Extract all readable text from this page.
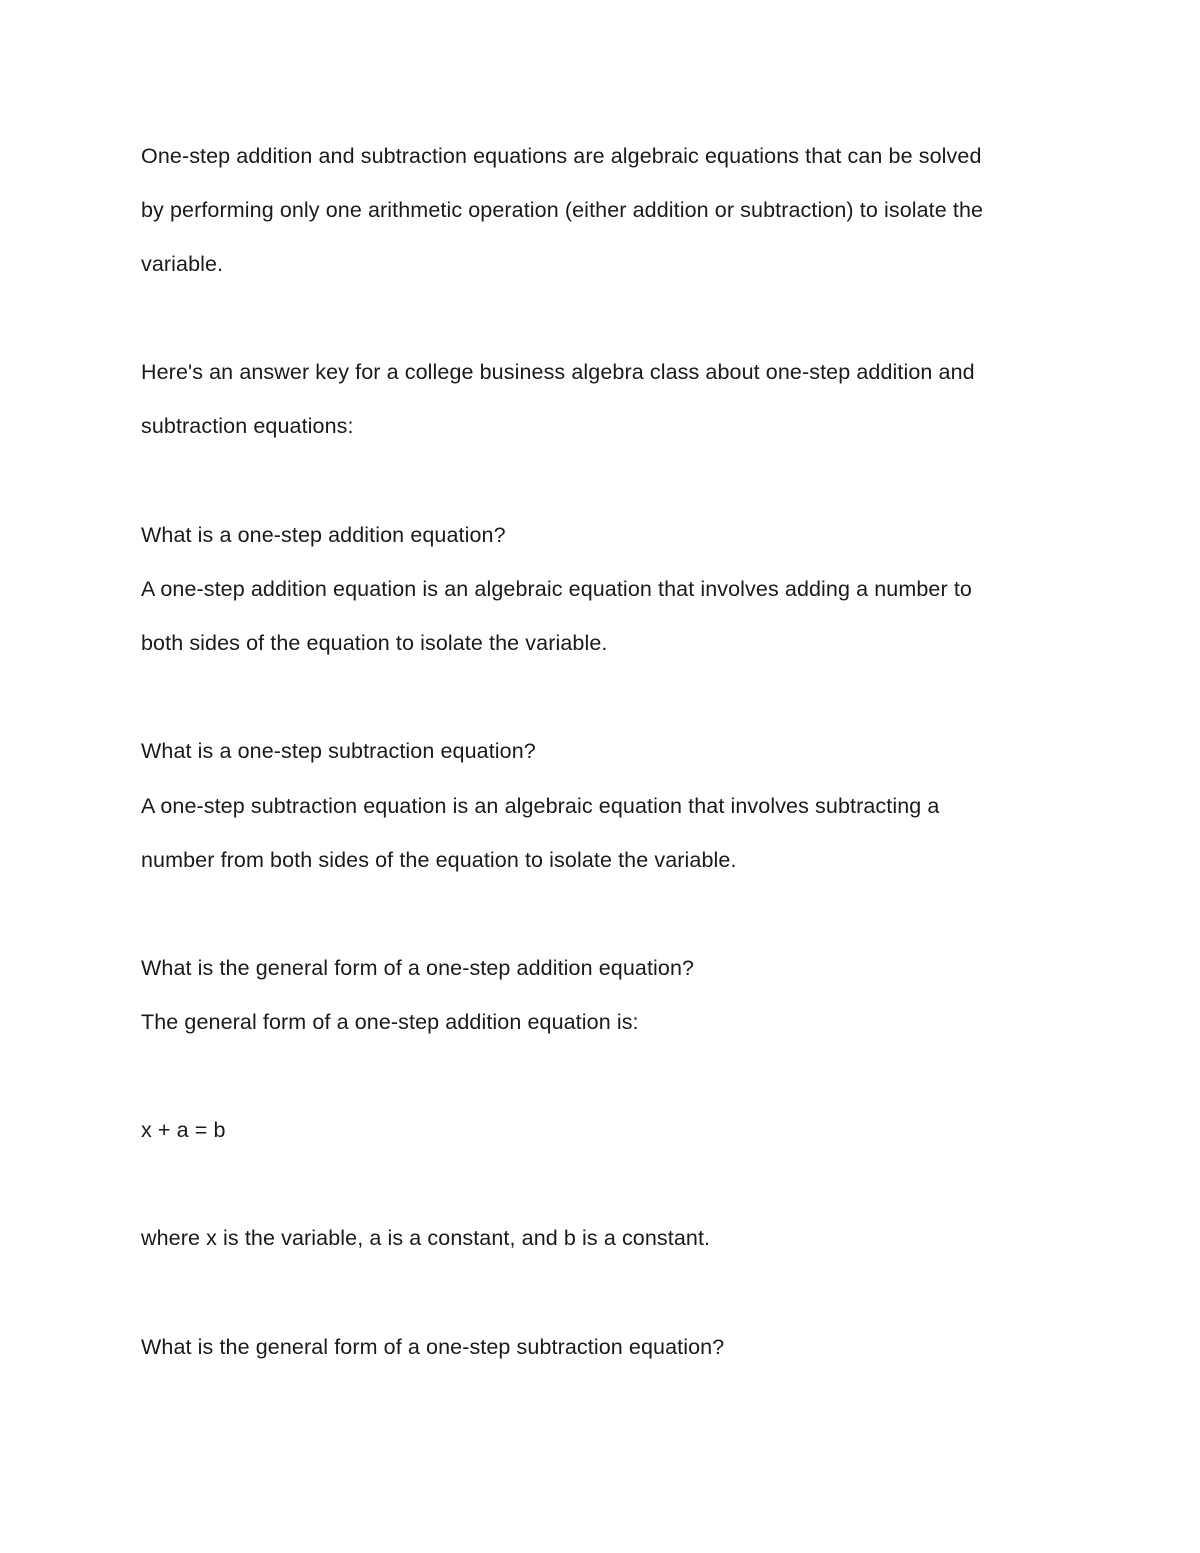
One-step addition and subtraction equations are algebraic equations that can be solved

by performing only one arithmetic operation (either addition or subtraction) to isolate the

variable.

Here's an answer key for a college business algebra class about one-step addition and

subtraction equations:

What is a one-step addition equation?

A one-step addition equation is an algebraic equation that involves adding a number to

both sides of the equation to isolate the variable.

What is a one-step subtraction equation?

A one-step subtraction equation is an algebraic equation that involves subtracting a

number from both sides of the equation to isolate the variable.

What is the general form of a one-step addition equation?

The general form of a one-step addition equation is:

x + a = b

where x is the variable, a is a constant, and b is a constant.

What is the general form of a one-step subtraction equation?
